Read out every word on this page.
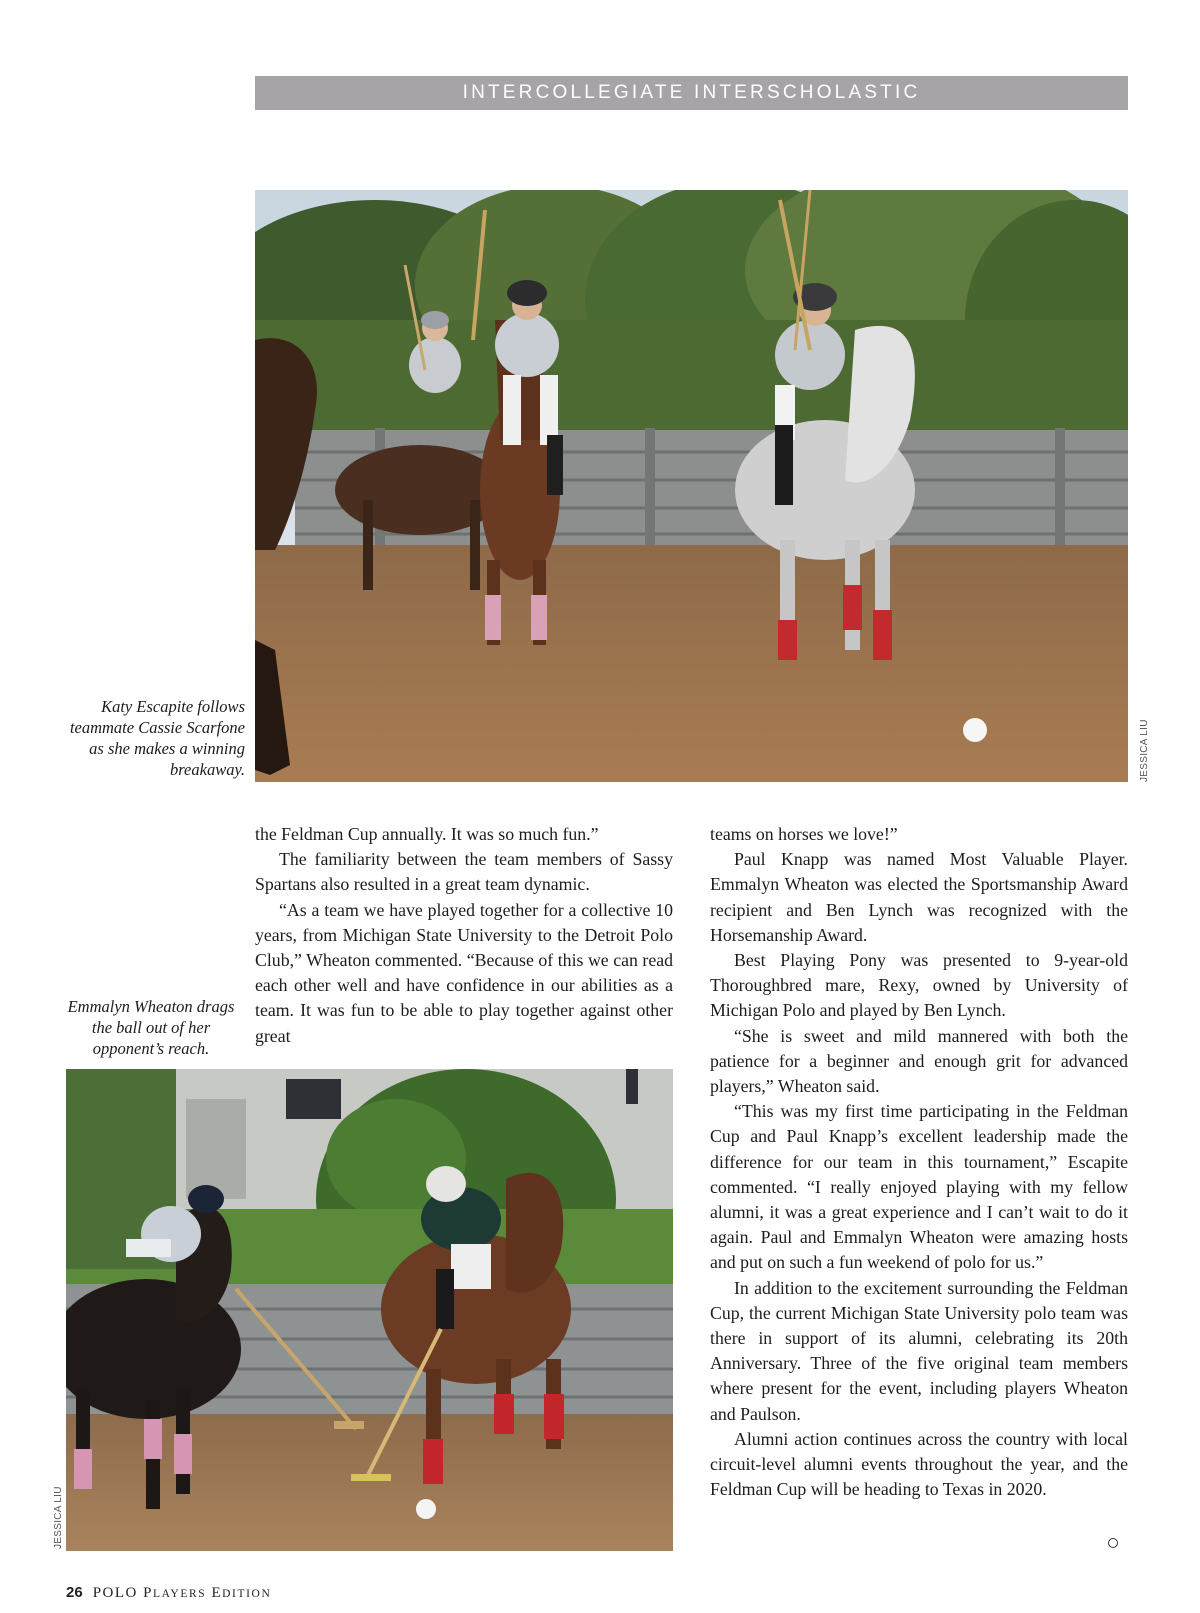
INTERCOLLEGIATE INTERSCHOLASTIC
JESSICA LIU
Katy Escapite follows teammate Cassie Scarfone as she makes a winning breakaway.

the Feldman Cup annually. It was so much fun.”

The familiarity between the team members of Sassy Spartans also resulted in a great team dynamic.

“As a team we have played together for a collective 10 years, from Michigan State University to the Detroit Polo Club,” Wheaton commented. “Because of this we can read each other well and have confidence in our abilities as a team. It was fun to be able to play together against other great

teams on horses we love!”

Paul Knapp was named Most Valuable Player. Emmalyn Wheaton was elected the Sportsmanship Award recipient and Ben Lynch was recognized with the Horsemanship Award.

Best Playing Pony was presented to 9-year-old Thoroughbred mare, Rexy, owned by University of Michigan Polo and played by Ben Lynch.

“She is sweet and mild mannered with both the patience for a beginner and enough grit for advanced players,” Wheaton said.

“This was my first time participating in the Feldman Cup and Paul Knapp’s excellent leadership made the difference for our team in this tournament,” Escapite commented. “I really enjoyed playing with my fellow alumni, it was a great experience and I can’t wait to do it again. Paul and Emmalyn Wheaton were amazing hosts and put on such a fun weekend of polo for us.”

In addition to the excitement surrounding the Feldman Cup, the current Michigan State University polo team was there in support of its alumni, celebrating its 20th Anniversary. Three of the five original team members where present for the event, including players Wheaton and Paulson.

Alumni action continues across the country with local circuit-level alumni events throughout the year, and the Feldman Cup will be heading to Texas in 2020.

Emmalyn Wheaton drags the ball out of her opponent’s reach.
JESSICA LIU
26 POLO PLAYERS EDITION
